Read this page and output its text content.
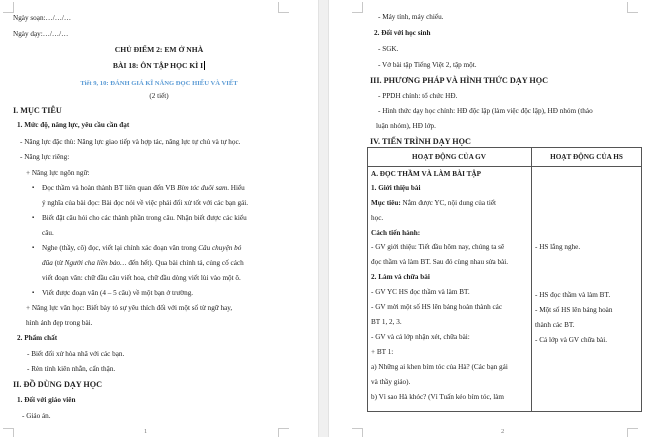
Ngày soạn:…/…/…
Ngày dạy:…/…/…
CHỦ ĐIỂM 2: EM Ở NHÀ
BÀI 18: ÔN TẬP HỌC KÌ I
Tiết 9, 10: ĐÁNH GIÁ KĨ NĂNG ĐỌC HIỂU VÀ VIẾT
(2 tiết)
I. MỤC TIÊU
1. Mức độ, năng lực, yêu cầu cần đạt
- Năng lực đặc thù: Năng lực giao tiếp và hợp tác, năng lực tự chủ và tự học.
- Năng lực riêng:
+ Năng lực ngôn ngữ:
▪ Đọc thầm và hoàn thành BT liên quan đến VB Bím tóc đuôi sam. Hiểu
ý nghĩa của bài đọc: Bài đọc nói về việc phải đối xử tốt với các bạn gái.
▪ Biết đặt câu hỏi cho các thành phần trong câu. Nhận biết được các kiểu
câu.
▪ Nghe (thầy, cô) đọc, viết lại chính xác đoạn văn trong Câu chuyện bó
đũa (từ Người cha liền bảo… đến hết). Qua bài chính tả, củng cố cách
viết đoạn văn: chữ đầu câu viết hoa, chữ đầu dòng viết lùi vào một ô.
▪ Viết được đoạn văn (4 – 5 câu) về một bạn ở trường.
+ Năng lực văn học: Biết bày tỏ sự yêu thích đối với một số từ ngữ hay,
hình ảnh đẹp trong bài.
2. Phẩm chất
- Biết đối xử hòa nhã với các bạn.
- Rèn tính kiên nhẫn, cẩn thận.
II. ĐỒ DÙNG DẠY HỌC
1. Đối với giáo viên
- Giáo án.
1
- Máy tính, máy chiếu.
2. Đối với học sinh
- SGK.
- Vở bài tập Tiếng Việt 2, tập một.
III. PHƯƠNG PHÁP VÀ HÌNH THỨC DẠY HỌC
- PPDH chính: tổ chức HĐ.
- Hình thức dạy học chính: HĐ độc lập (làm việc độc lập), HĐ nhóm (thảo
luận nhóm), HĐ lớp.
IV. TIẾN TRÌNH DẠY HỌC
HOẠT ĐỘNG CỦA GV	HOẠT ĐỘNG CỦA HS
A. ĐỌC THẦM VÀ LÀM BÀI TẬP
1. Giới thiệu bài
Mục tiêu: Nắm được YC, nội dung của tiết
học.
Cách tiến hành:
- GV giới thiệu: Tiết đầu hôm nay, chúng ta sẽ
đọc thầm và làm BT. Sau đó cùng nhau sửa bài.
2. Làm và chữa bài
- GV YC HS đọc thầm và làm BT.
- GV mời một số HS lên bảng hoàn thành các
BT 1, 2, 3.
- GV và cả lớp nhận xét, chữa bài:
+ BT 1:
a) Những ai khen bím tóc của Hà? (Các bạn gái
và thầy giáo).
b) Vì sao Hà khóc? (Vì Tuấn kéo bím tóc, làm
- HS lắng nghe.
- HS đọc thầm và làm BT.
- Một số HS lên bảng hoàn
thành các BT.
- Cả lớp và GV chữa bài.
2
